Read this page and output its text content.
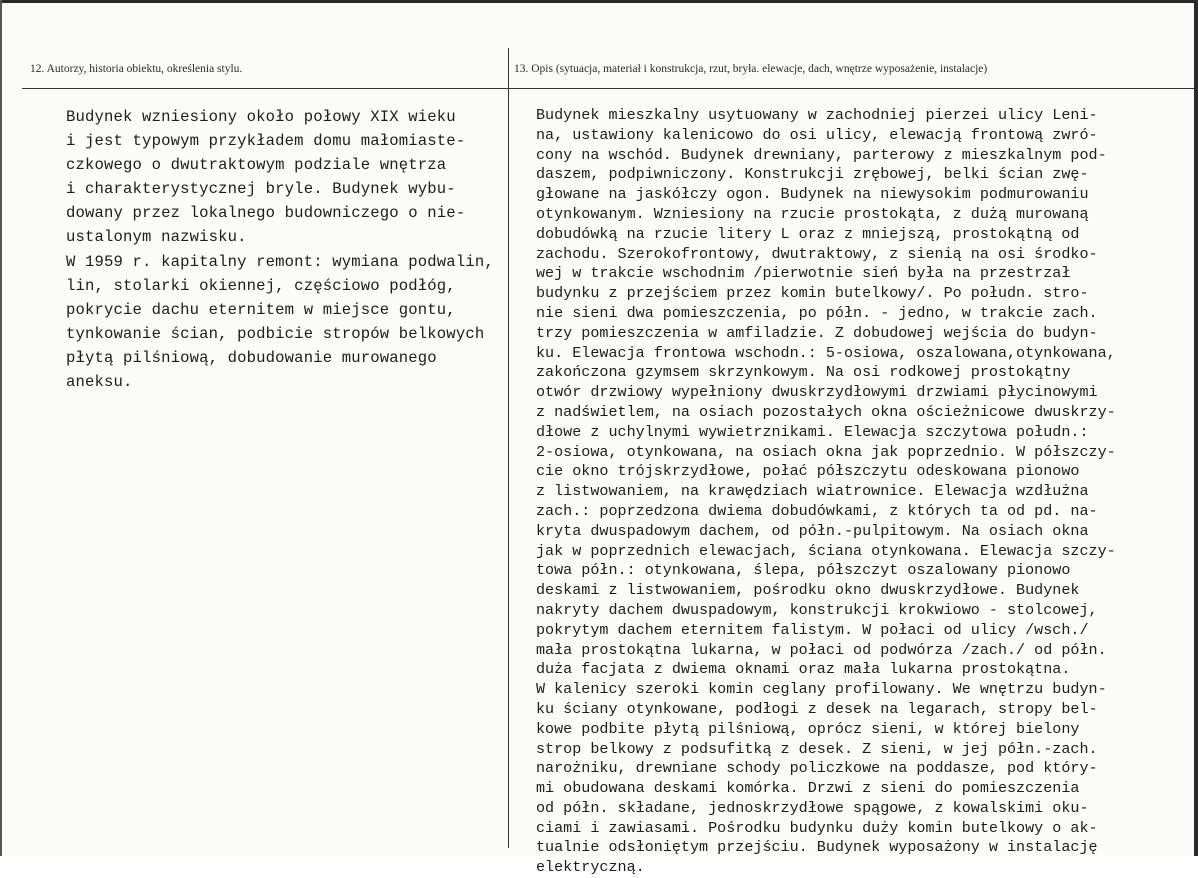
12. Autorzy, historia obiektu, określenia stylu.	13. Opis (sytuacja, materiał i konstrukcja, rzut, bryła. elewacje, dach, wnętrze wyposażenie, instalacje)
Budynek wzniesiony około połowy XIX wieku
i jest typowym przykładem domu małomiaste-
czkowego o dwutraktowym podziale wnętrza
i charakterystycznej bryle. Budynek wybu-
dowany przez lokalnego budowniczego o nie-
ustalonym nazwisku.
W 1959 r. kapitalny remont: wymiana podwalin,
lin, stolarki okiennej, częściowo podłóg,
pokrycie dachu eternitem w miejsce gontu,
tynkowanie ścian, podbicie stropów belkowych
płytą pilśniową, dobudowanie murowanego
aneksu.
Budynek mieszkalny usytuowany w zachodniej pierzei ulicy Leni-
na, ustawiony kalenicowo do osi ulicy, elewacją frontową zwró-
cony na wschód. Budynek drewniany, parterowy z mieszkalnym pod-
daszem, podpiwniczony. Konstrukcji zrębowej, belki ścian zwę-
głowane na jaskółczy ogon. Budynek na niewysokim podmurowaniu
otynkowanym. Wzniesiony na rzucie prostokąta, z dużą murowaną
dobudówką na rzucie litery L oraz z mniejszą, prostokątną od
zachodu. Szerokofrontowy, dwutraktowy, z sienią na osi środko-
wej w trakcie wschodnim /pierwotnie sień była na przestrzał
budynku z przejściem przez komin butelkowy/. Po połudn. stro-
nie sieni dwa pomieszczenia, po półn. - jedno, w trakcie zach.
trzy pomieszczenia w amfiladzie. Z dobudowej wejścia do budyn-
ku. Elewacja frontowa wschodn.: 5-osiowa, oszalowana,otynkowana,
zakończona gzymsem skrzynkowym. Na osi rodkowej prostokątny
otwór drzwiowy wypełniony dwuskrzydłowymi drzwiami płycinowymi
z nadświetlem, na osiach pozostałych okna ościeżnicowe dwuskrzy-
dłowe z uchylnymi wywietrznikami. Elewacja szczytowa połudn.:
2-osiowa, otynkowana, na osiach okna jak poprzednio. W półszczy-
cie okno trójskrzydłowe, połać półszczytu odeskowana pionowo
z listwowaniem, na krawędziach wiatrownice. Elewacja wzdłużna
zach.: poprzedzona dwiema dobudówkami, z których ta od pd. na-
kryta dwuspadowym dachem, od półn.-pulpitowym. Na osiach okna
jak w poprzednich elewacjach, ściana otynkowana. Elewacja szczy-
towa półn.: otynkowana, ślepa, półszczyt oszalowany pionowo
deskami z listwowaniem, pośrodku okno dwuskrzydłowe. Budynek
nakryty dachem dwuspadowym, konstrukcji krokwiowo - stolcowej,
pokrytym dachem eternitem falistym. W połaci od ulicy /wsch./
mała prostokątna lukarna, w połaci od podwórza /zach./ od półn.
duża facjata z dwiema oknami oraz mała lukarna prostokątna.
W kalenicy szeroki komin ceglany profilowany. We wnętrzu budyn-
ku ściany otynkowane, podłogi z desek na legarach, stropy bel-
kowe podbite płytą pilśniową, oprócz sieni, w której bielony
strop belkowy z podsufitką z desek. Z sieni, w jej półn.-zach.
narożniku, drewniane schody policzkowe na poddasze, pod który-
mi obudowana deskami komórka. Drzwi z sieni do pomieszczenia
od półn. składane, jednoskrzydłowe spągowe, z kowalskimi oku-
ciami i zawiasami. Pośrodku budynku duży komin butelkowy o ak-
tualnie odsłoniętym przejściu. Budynek wyposażony w instalację
elektryczną.
